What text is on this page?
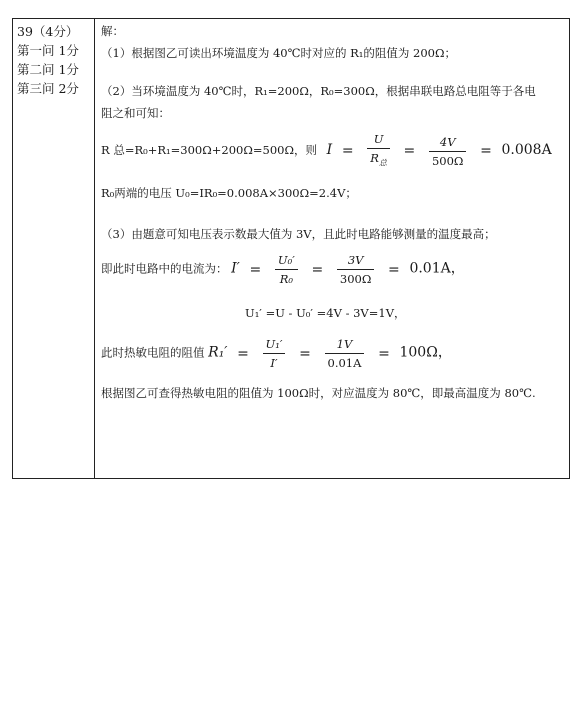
39（4分）
第一问 1分
第二问 1分
第三问 2分
解：
（1）根据图乙可读出环境温度为 40℃时对应的 R₁的阻值为 200Ω；
（2）当环境温度为 40℃时，R₁=200Ω，R₀=300Ω，根据串联电路总电阻等于各电
阻之和可知：
R 总=R₀+R₁=300Ω+200Ω=500Ω，则 $I = \frac{U}{R_总} = \frac{4V}{500\Omega} = 0.008A$
R₀两端的电压 U₀=IR₀=0.008A×300Ω=2.4V；
（3）由题意可知电压表示数最大值为 3V，且此时电路能够测量的温度最高；
即此时电路中的电流为： $I' = \frac{\text{U₀′}}{\text{R₀}} = \frac{3V}{300\Omega} = 0.01A$，
U₁′ =U - U₀′ =4V - 3V=1V，
此时热敏电阻的阻值 $R_1' = \frac{\text{U₁′}}{I'} = \frac{1V}{0.01A} = 100\Omega$，
根据图乙可查得热敏电阻的阻值为 100Ω时，对应温度为 80℃，即最高温度为 80℃.
